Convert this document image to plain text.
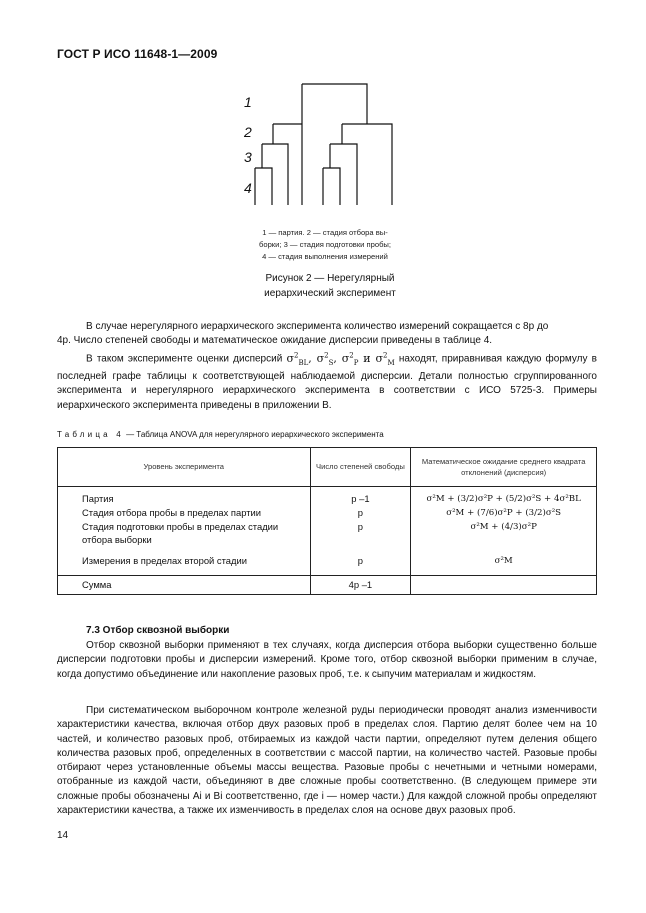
ГОСТ Р ИСО 11648-1—2009
1
2
3
4
1 — партия. 2 — стадия отбора вы-
борки; 3 — стадия подготовки пробы;
4 — стадия выполнения измерений
Рисунок 2 — Нерегулярный
иерархический эксперимент
В случае нерегулярного иерархического эксперимента количество измерений сокращается с 8p до
4p. Число степеней свободы и математическое ожидание дисперсии приведены в таблице 4.
В таком эксперименте оценки дисперсий $\sigma^2_{BL}$, $\sigma^2_S$, $\sigma^2_P$ и $\sigma^2_M$ находят, приравнивая каждую формулу в последней графе таблицы к соответствующей наблюдаемой дисперсии. Детали полностью сгруппированного эксперимента и нерегулярного иерархического эксперимента в соответствии с ИСО 5725-3. Примеры иерархического эксперимента приведены в приложении В.
Таблица 4 — Таблица ANOVA для нерегулярного иерархического эксперимента
Уровень эксперимента	Число степеней свободы	Математическое ожидание среднего квадрата отклонений (дисперсия)
Партия	p –1	σ²M + (3/2)σ²P + (5/2)σ²S + 4σ²BL
Стадия отбора пробы в пределах партии	p	σ²M + (7/6)σ²P + (3/2)σ²S
Стадия подготовки пробы в пределах стадии отбора выборки	p	σ²M + (4/3)σ²P
Измерения в пределах второй стадии	p	σ²M
Сумма	4p –1	
7.3 Отбор сквозной выборки
Отбор сквозной выборки применяют в тех случаях, когда дисперсия отбора выборки существенно больше дисперсии подготовки пробы и дисперсии измерений. Кроме того, отбор сквозной выборки применим в случае, когда допустимо объединение или накопление разовых проб, т.е. к сыпучим материалам и жидкостям.
При систематическом выборочном контроле железной руды периодически проводят анализ изменчивости характеристики качества, включая отбор двух разовых проб в пределах слоя. Партию делят более чем на 10 частей, и количество разовых проб, отбираемых из каждой части партии, определяют путем деления общего количества разовых проб, определенных в соответствии с массой партии, на количество частей. Разовые пробы отбирают через установленные объемы массы вещества. Разовые пробы с нечетными и четными номерами, отобранные из каждой части, объединяют в две сложные пробы соответственно. (В следующем примере эти сложные пробы обозначены Ai и Bi соответственно, где i — номер части.) Для каждой сложной пробы определяют характеристики качества, а также их изменчивость в пределах слоя на основе двух разовых проб.
14
